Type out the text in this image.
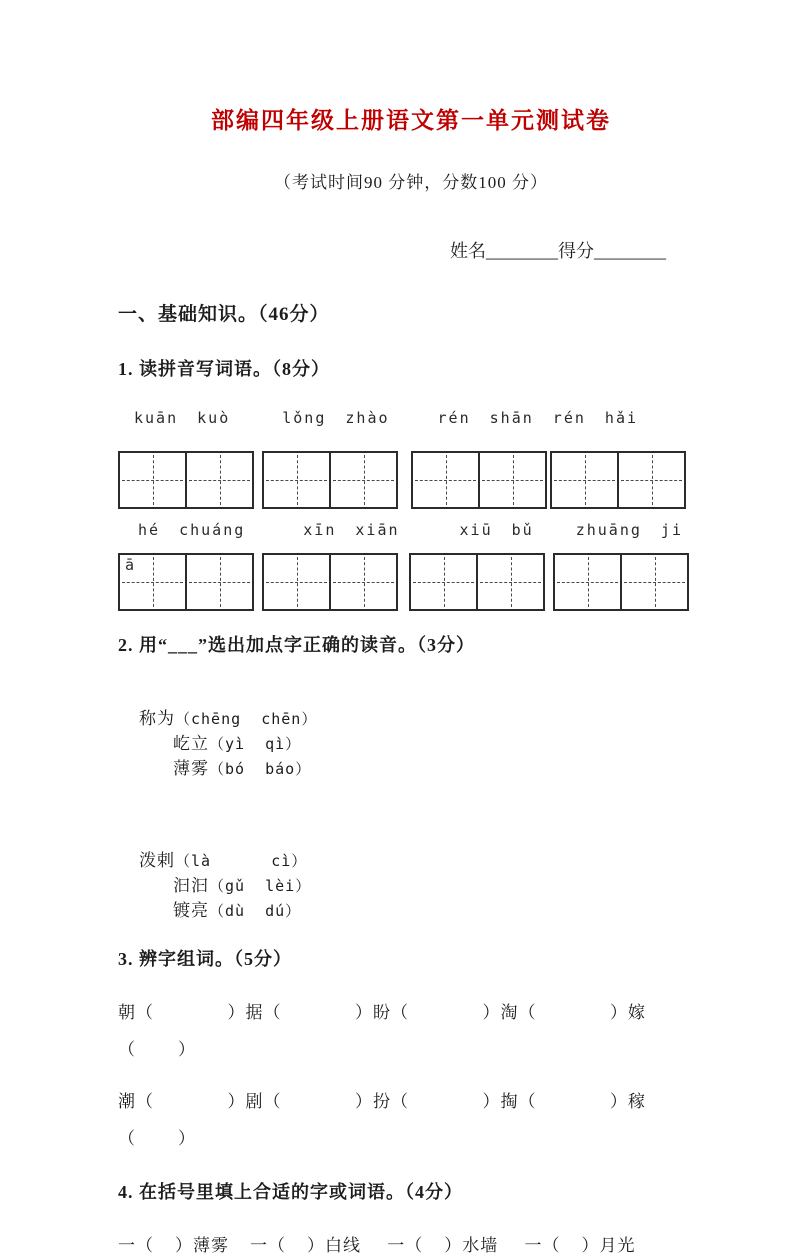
部编四年级上册语文第一单元测试卷
（考试时间90 分钟，分数100 分）
姓名________得分________
一、基础知识。（46分）
1. 读拼音写词语。（8分）
kuān kuò	lǒng zhào	rén shān rén hǎi
hé chuáng	xīn xiān	xiū bǔ	zhuāng ji
ā
2. 用“___”选出加点字正确的读音。（3分）

称为（chēng  chēn）
屹立（yì  qì）
薄雾（bó  báo）

泼剌（là      cì）
汩汩（gǔ  lèi）
镀亮（dù  dú）

3. 辨字组词。（5分）
朝（              ）据（              ）盼（              ）淘（              ）嫁
（        ）
潮（              ）剧（              ）扮（              ）掏（              ）稼
（        ）
4. 在括号里填上合适的字或词语。（4分）
一（    ）薄雾    一（    ）白线     一（    ）水墙     一（    ）月光
